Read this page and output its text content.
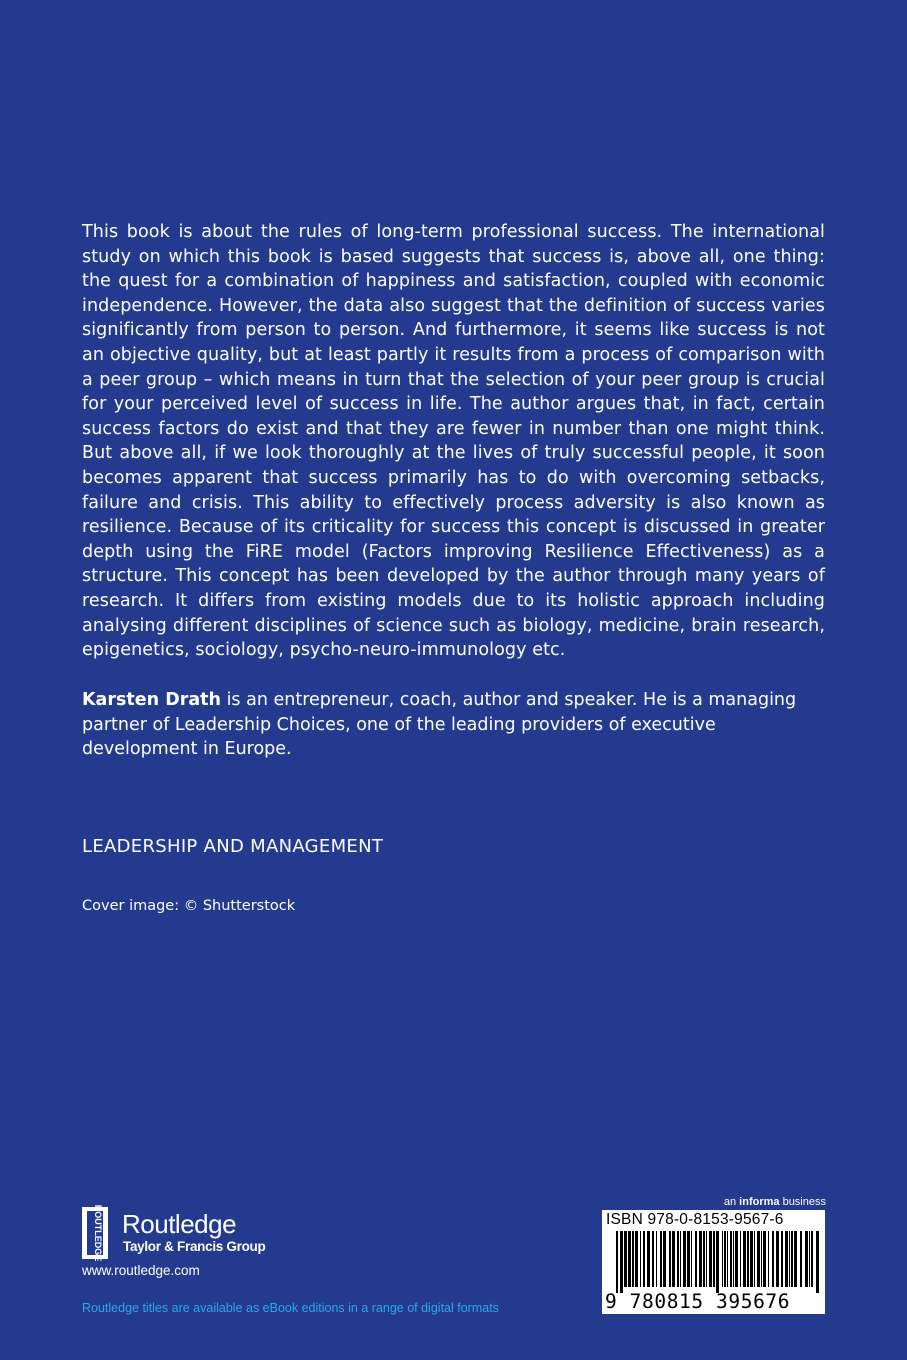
This book is about the rules of long-term professional success. The international study on which this book is based suggests that success is, above all, one thing: the quest for a combination of happiness and satisfaction, coupled with economic independence. However, the data also suggest that the definition of success varies significantly from person to person. And furthermore, it seems like success is not an objective quality, but at least partly it results from a process of comparison with a peer group – which means in turn that the selection of your peer group is crucial for your perceived level of success in life. The author argues that, in fact, certain success factors do exist and that they are fewer in number than one might think. But above all, if we look thoroughly at the lives of truly successful people, it soon becomes apparent that success primarily has to do with overcoming setbacks, failure and crisis. This ability to effectively process adversity is also known as resilience. Because of its criticality for success this concept is discussed in greater depth using the FiRE model (Factors improving Resilience Effectiveness) as a structure. This concept has been developed by the author through many years of research. It differs from existing models due to its holistic approach including analysing different disciplines of science such as biology, medicine, brain research, epigenetics, sociology, psycho-neuro-immunology etc.

Karsten Drath is an entrepreneur, coach, author and speaker. He is a managing partner of Leadership Choices, one of the leading providers of executive development in Europe.

LEADERSHIP AND MANAGEMENT

Cover image: © Shutterstock

ROUTLEDGE Routledge
Taylor & Francis Group
www.routledge.com
Routledge titles are available as eBook editions in a range of digital formats
an informa business
ISBN 978-0-8153-9567-6
9 780815 395676
